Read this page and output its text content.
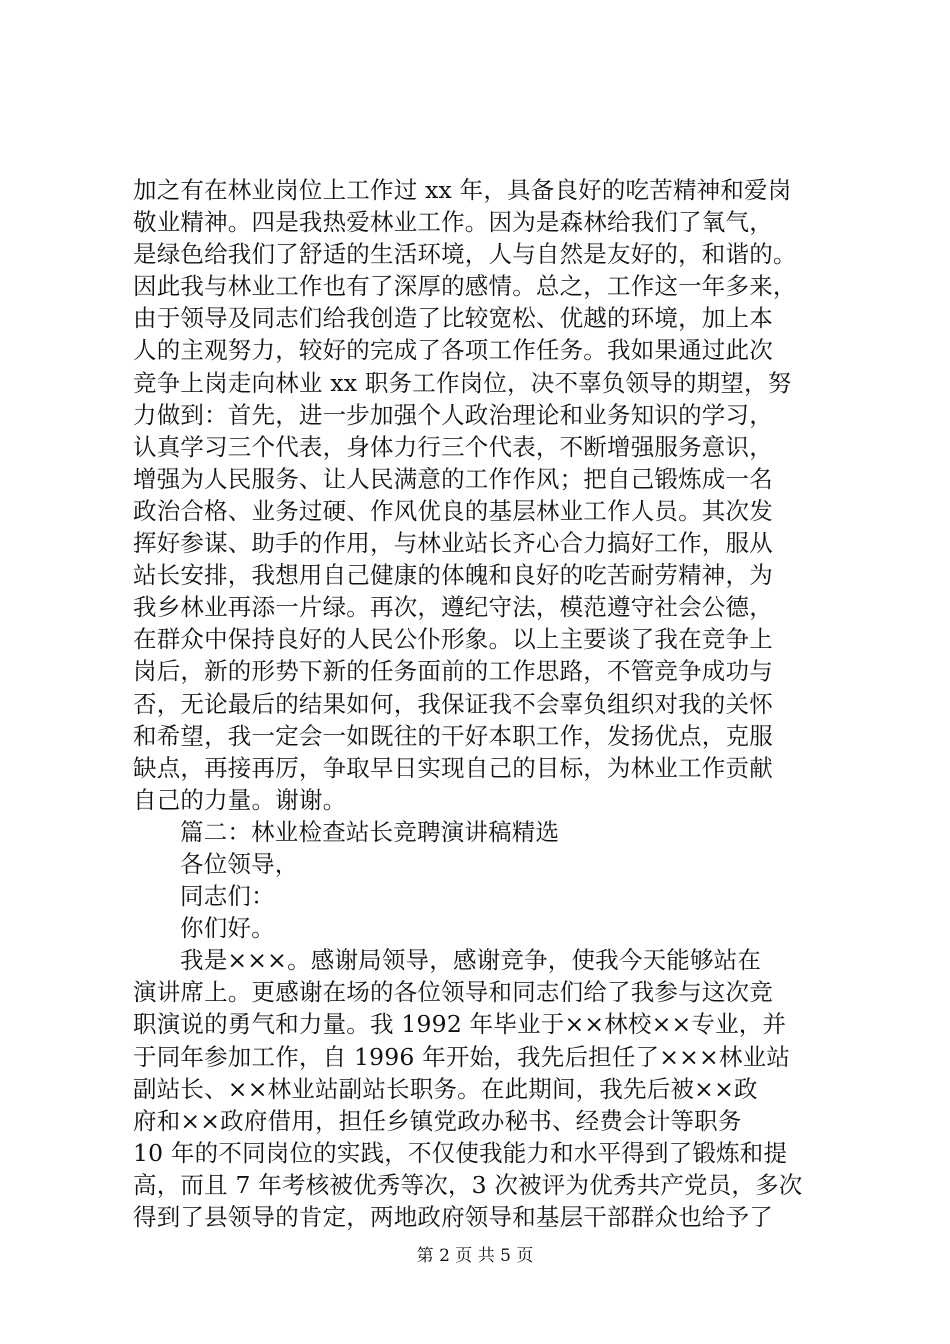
加之有在林业岗位上工作过 xx 年，具备良好的吃苦精神和爱岗
敬业精神。四是我热爱林业工作。因为是森林给我们了氧气，
是绿色给我们了舒适的生活环境，人与自然是友好的，和谐的。
因此我与林业工作也有了深厚的感情。总之，工作这一年多来，
由于领导及同志们给我创造了比较宽松、优越的环境，加上本
人的主观努力，较好的完成了各项工作任务。我如果通过此次
竞争上岗走向林业 xx 职务工作岗位，决不辜负领导的期望，努
力做到：首先，进一步加强个人政治理论和业务知识的学习，
认真学习三个代表，身体力行三个代表，不断增强服务意识，
增强为人民服务、让人民满意的工作作风；把自己锻炼成一名
政治合格、业务过硬、作风优良的基层林业工作人员。其次发
挥好参谋、助手的作用，与林业站长齐心合力搞好工作，服从
站长安排，我想用自己健康的体魄和良好的吃苦耐劳精神，为
我乡林业再添一片绿。再次，遵纪守法，模范遵守社会公德，
在群众中保持良好的人民公仆形象。以上主要谈了我在竞争上
岗后，新的形势下新的任务面前的工作思路，不管竞争成功与
否，无论最后的结果如何，我保证我不会辜负组织对我的关怀
和希望，我一定会一如既往的干好本职工作，发扬优点，克服
缺点，再接再厉，争取早日实现自己的目标，为林业工作贡献
自己的力量。谢谢。
篇二：林业检查站长竞聘演讲稿精选
各位领导，
同志们：
你们好。
我是×××。感谢局领导，感谢竞争，使我今天能够站在
演讲席上。更感谢在场的各位领导和同志们给了我参与这次竞
职演说的勇气和力量。我 1992 年毕业于××林校××专业，并
于同年参加工作，自 1996 年开始，我先后担任了×××林业站
副站长、××林业站副站长职务。在此期间，我先后被××政
府和××政府借用，担任乡镇党政办秘书、经费会计等职务
10 年的不同岗位的实践，不仅使我能力和水平得到了锻炼和提
高，而且 7 年考核被优秀等次，3 次被评为优秀共产党员，多次
得到了县领导的肯定，两地政府领导和基层干部群众也给予了
第 2 页 共 5 页
